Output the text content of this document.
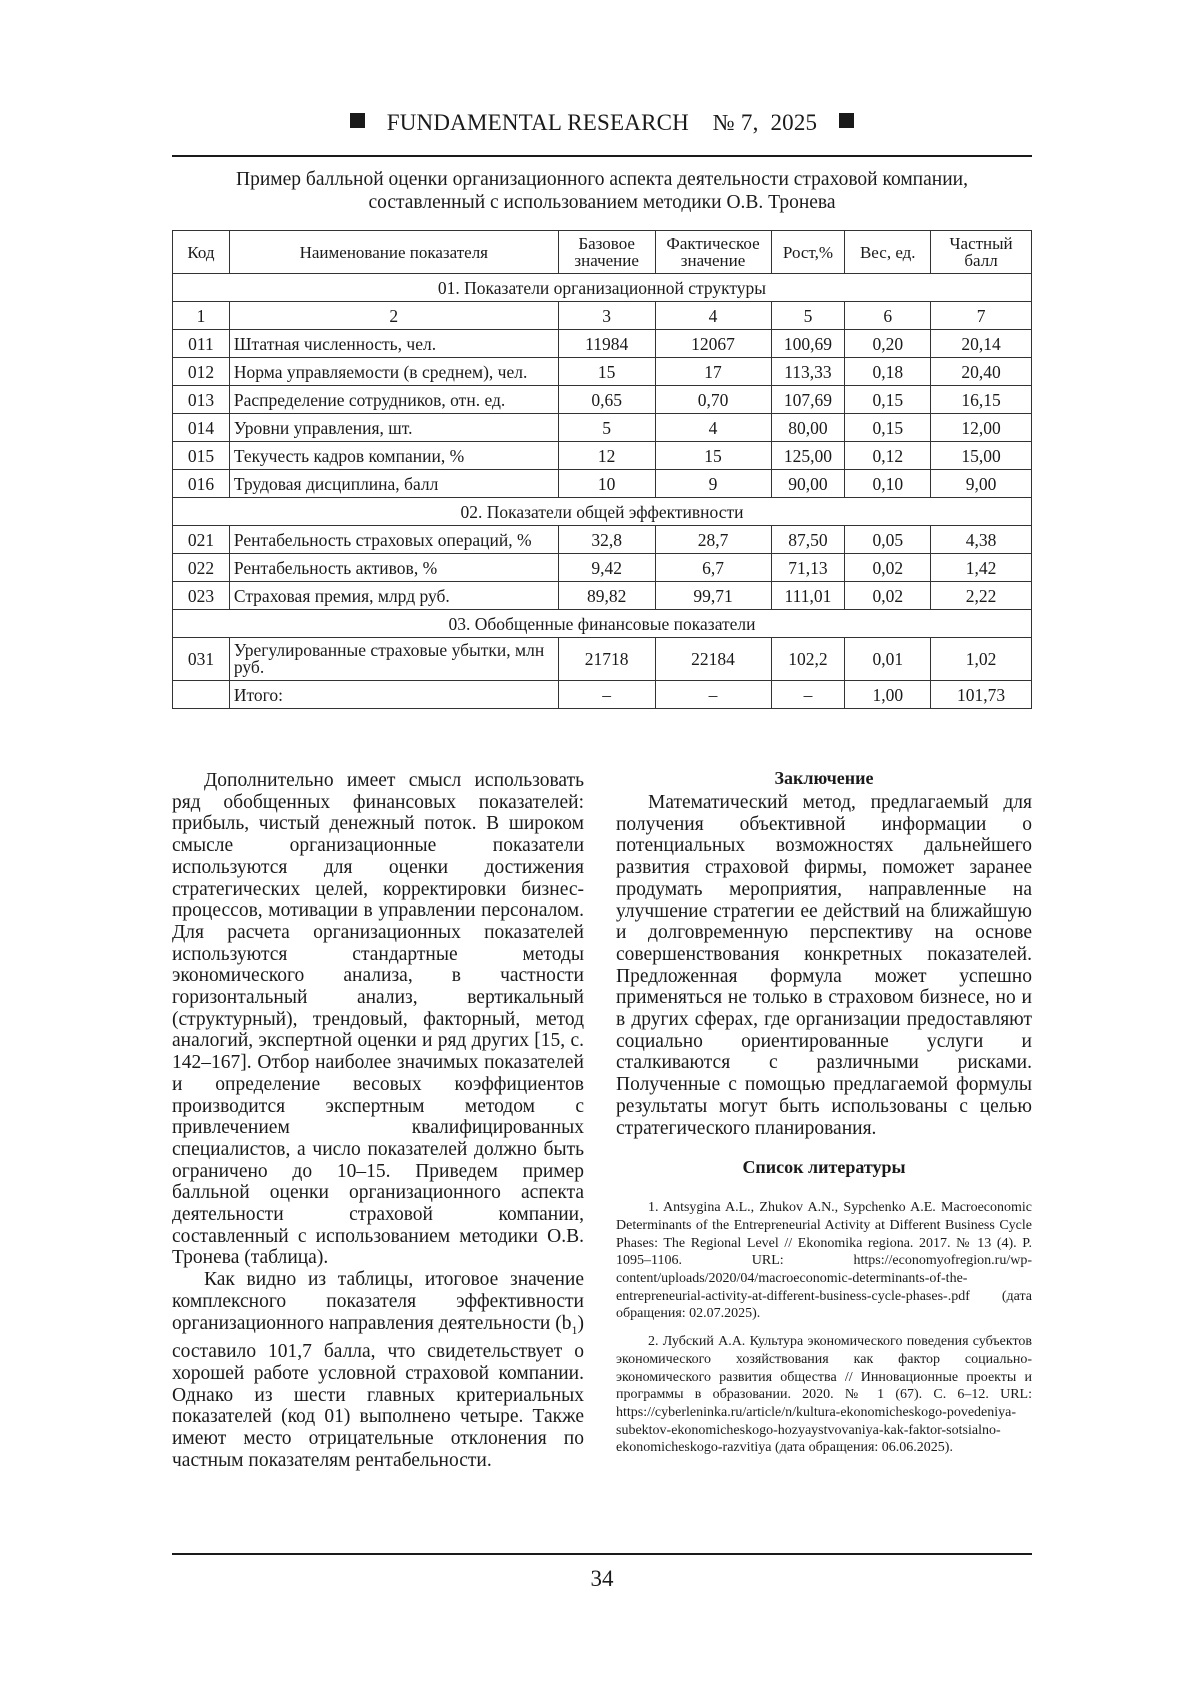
FUNDAMENTAL RESEARCH № 7, 2025
Пример балльной оценки организационного аспекта деятельности страховой компании,
составленный с использованием методики О.В. Тронева
Код	Наименование показателя	Базовое значение	Фактическое значение	Рост,%	Вес, ед.	Частный балл
01. Показатели организационной структуры						
1	2	3	4	5	6	7
011	Штатная численность, чел.	11984	12067	100,69	0,20	20,14
012	Норма управляемости (в среднем), чел.	15	17	113,33	0,18	20,40
013	Распределение сотрудников, отн. ед.	0,65	0,70	107,69	0,15	16,15
014	Уровни управления, шт.	5	4	80,00	0,15	12,00
015	Текучесть кадров компании, %	12	15	125,00	0,12	15,00
016	Трудовая дисциплина, балл	10	9	90,00	0,10	9,00
02. Показатели общей эффективности						
021	Рентабельность страховых операций, %	32,8	28,7	87,50	0,05	4,38
022	Рентабельность активов, %	9,42	6,7	71,13	0,02	1,42
023	Страховая премия, млрд руб.	89,82	99,71	111,01	0,02	2,22
03. Обобщенные финансовые показатели						
031	Урегулированные страховые убытки, млн руб.	21718	22184	102,2	0,01	1,02
	Итого:	–	–	–	1,00	101,73

Дополнительно имеет смысл использовать ряд обобщенных финансовых показателей: прибыль, чистый денежный поток. В широком смысле организационные показатели используются для оценки достижения стратегических целей, корректировки бизнес-процессов, мотивации в управлении персоналом. Для расчета организационных показателей используются стандартные методы экономического анализа, в частности горизонтальный анализ, вертикальный (структурный), трендовый, факторный, метод аналогий, экспертной оценки и ряд других [15, с. 142–167]. Отбор наиболее значимых показателей и определение весовых коэффициентов производится экспертным методом с привлечением квалифицированных специалистов, а число показателей должно быть ограничено до 10–15. Приведем пример балльной оценки организационного аспекта деятельности страховой компании, составленный с использованием методики О.В. Тронева (таблица).

Как видно из таблицы, итоговое значение комплексного показателя эффективности организационного направления деятельности $(b_1)$ составило 101,7 балла, что свидетельствует о хорошей работе условной страховой компании. Однако из шести главных критериальных показателей (код 01) выполнено четыре. Также имеют место отрицательные отклонения по частным показателям рентабельности.

Заключение

Математический метод, предлагаемый для получения объективной информации о потенциальных возможностях дальнейшего развития страховой фирмы, поможет заранее продумать мероприятия, направленные на улучшение стратегии ее действий на ближайшую и долговременную перспективу на основе совершенствования конкретных показателей. Предложенная формула может успешно применяться не только в страховом бизнесе, но и в других сферах, где организации предоставляют социально ориентированные услуги и сталкиваются с различными рисками. Полученные с помощью предлагаемой формулы результаты могут быть использованы с целью стратегического планирования.

Список литературы

1. Antsygina A.L., Zhukov A.N., Sypchenko A.E. Macroeconomic Determinants of the Entrepreneurial Activity at Different Business Cycle Phases: The Regional Level // Ekonomika regiona. 2017. № 13 (4). P. 1095–1106. URL: https://economyofregion.ru/wp-content/uploads/2020/04/macroeconomic-determinants-of-the-entrepreneurial-activity-at-different-business-cycle-phases-.pdf (дата обращения: 02.07.2025).

2. Лубский А.А. Культура экономического поведения субъектов экономического хозяйствования как фактор социально-экономического развития общества // Инновационные проекты и программы в образовании. 2020. № 1 (67). С. 6–12. URL: https://cyberleninka.ru/article/n/kultura-ekonomicheskogo-povedeniya-subektov-ekonomicheskogo-hozyaystvovaniya-kak-faktor-sotsialno-ekonomicheskogo-razvitiya (дата обращения: 06.06.2025).

34
